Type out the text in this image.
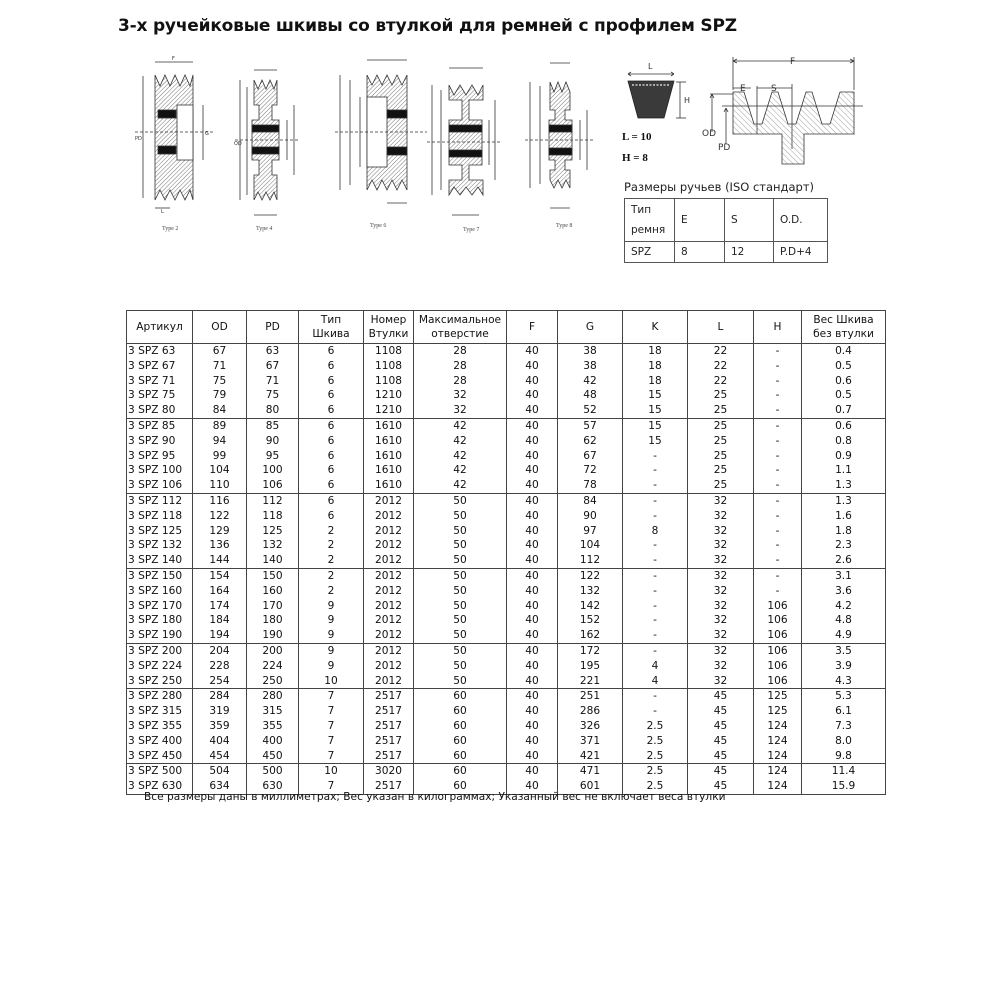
3-х ручейковые шкивы со втулкой для ремней с профилем SPZ
F
PD
G
L
OD
Type 2	Type 4	Type 6
Type 7
Type 8
L
H
L = 10
H = 8
F
E	S
OD
PD
Размеры ручьев (ISO стандарт)
Тип ремня	E	S	O.D.
SPZ	8	12	P.D+4
Артикул	OD	PD	Тип Шкива	Номер Втулки	Максимальное отверстие	F	G	K	L	H	Вес Шкива без втулки
3 SPZ 63	67	63	6	1108	28	40	38	18	22	-	0.4
3 SPZ 67	71	67	6	1108	28	40	38	18	22	-	0.5
3 SPZ 71	75	71	6	1108	28	40	42	18	22	-	0.6
3 SPZ 75	79	75	6	1210	32	40	48	15	25	-	0.5
3 SPZ 80	84	80	6	1210	32	40	52	15	25	-	0.7
3 SPZ 85	89	85	6	1610	42	40	57	15	25	-	0.6
3 SPZ 90	94	90	6	1610	42	40	62	15	25	-	0.8
3 SPZ 95	99	95	6	1610	42	40	67	-	25	-	0.9
3 SPZ 100	104	100	6	1610	42	40	72	-	25	-	1.1
3 SPZ 106	110	106	6	1610	42	40	78	-	25	-	1.3
3 SPZ 112	116	112	6	2012	50	40	84	-	32	-	1.3
3 SPZ 118	122	118	6	2012	50	40	90	-	32	-	1.6
3 SPZ 125	129	125	2	2012	50	40	97	8	32	-	1.8
3 SPZ 132	136	132	2	2012	50	40	104	-	32	-	2.3
3 SPZ 140	144	140	2	2012	50	40	112	-	32	-	2.6
3 SPZ 150	154	150	2	2012	50	40	122	-	32	-	3.1
3 SPZ 160	164	160	2	2012	50	40	132	-	32	-	3.6
3 SPZ 170	174	170	9	2012	50	40	142	-	32	106	4.2
3 SPZ 180	184	180	9	2012	50	40	152	-	32	106	4.8
3 SPZ 190	194	190	9	2012	50	40	162	-	32	106	4.9
3 SPZ 200	204	200	9	2012	50	40	172	-	32	106	3.5
3 SPZ 224	228	224	9	2012	50	40	195	4	32	106	3.9
3 SPZ 250	254	250	10	2012	50	40	221	4	32	106	4.3
3 SPZ 280	284	280	7	2517	60	40	251	-	45	125	5.3
3 SPZ 315	319	315	7	2517	60	40	286	-	45	125	6.1
3 SPZ 355	359	355	7	2517	60	40	326	2.5	45	124	7.3
3 SPZ 400	404	400	7	2517	60	40	371	2.5	45	124	8.0
3 SPZ 450	454	450	7	2517	60	40	421	2.5	45	124	9.8
3 SPZ 500	504	500	10	3020	60	40	471	2.5	45	124	11.4
3 SPZ 630	634	630	7	2517	60	40	601	2.5	45	124	15.9
Все размеры даны в миллиметрах; Вес указан в килограммах; Указанный вес не включает веса втулки
